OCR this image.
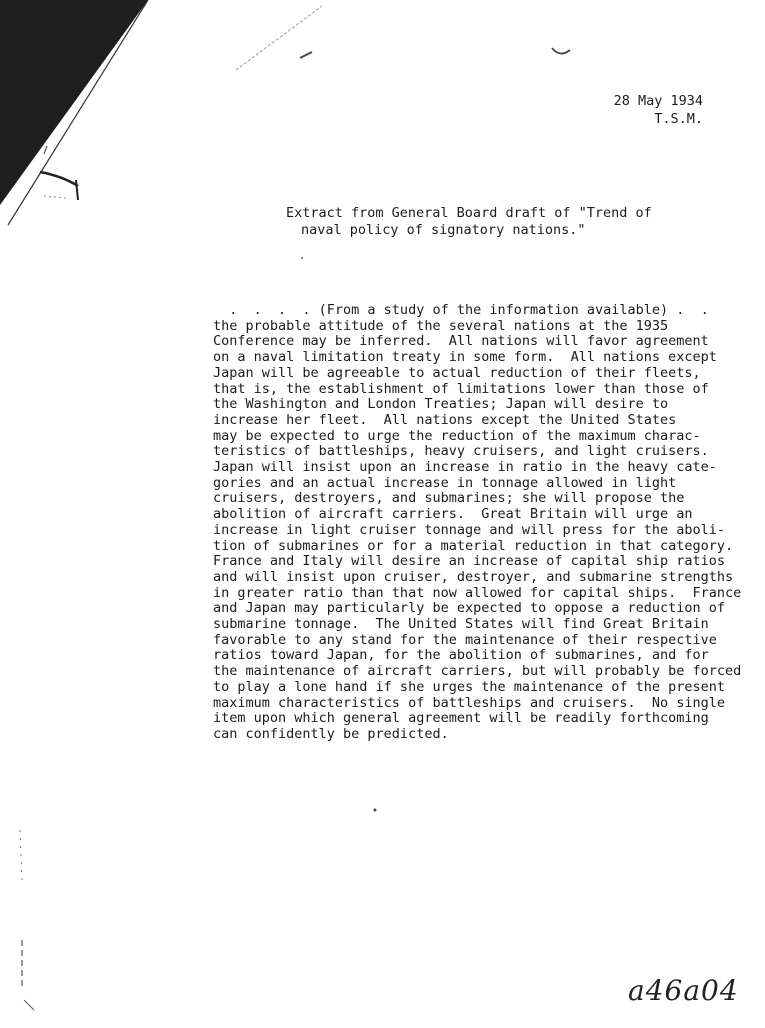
28 May 1934
T.S.M.
Extract from General Board draft of "Trend of
naval policy of signatory nations."
.  .  .  . (From a study of the information available) .  .
the probable attitude of the several nations at the 1935
Conference may be inferred.  All nations will favor agreement
on a naval limitation treaty in some form.  All nations except
Japan will be agreeable to actual reduction of their fleets,
that is, the establishment of limitations lower than those of
the Washington and London Treaties; Japan will desire to
increase her fleet.  All nations except the United States
may be expected to urge the reduction of the maximum charac-
teristics of battleships, heavy cruisers, and light cruisers.
Japan will insist upon an increase in ratio in the heavy cate-
gories and an actual increase in tonnage allowed in light
cruisers, destroyers, and submarines; she will propose the
abolition of aircraft carriers.  Great Britain will urge an
increase in light cruiser tonnage and will press for the aboli-
tion of submarines or for a material reduction in that category.
France and Italy will desire an increase of capital ship ratios
and will insist upon cruiser, destroyer, and submarine strengths
in greater ratio than that now allowed for capital ships.  France
and Japan may particularly be expected to oppose a reduction of
submarine tonnage.  The United States will find Great Britain
favorable to any stand for the maintenance of their respective
ratios toward Japan, for the abolition of submarines, and for
the maintenance of aircraft carriers, but will probably be forced
to play a lone hand if she urges the maintenance of the present
maximum characteristics of battleships and cruisers.  No single
item upon which general agreement will be readily forthcoming
can confidently be predicted.
a46a04
